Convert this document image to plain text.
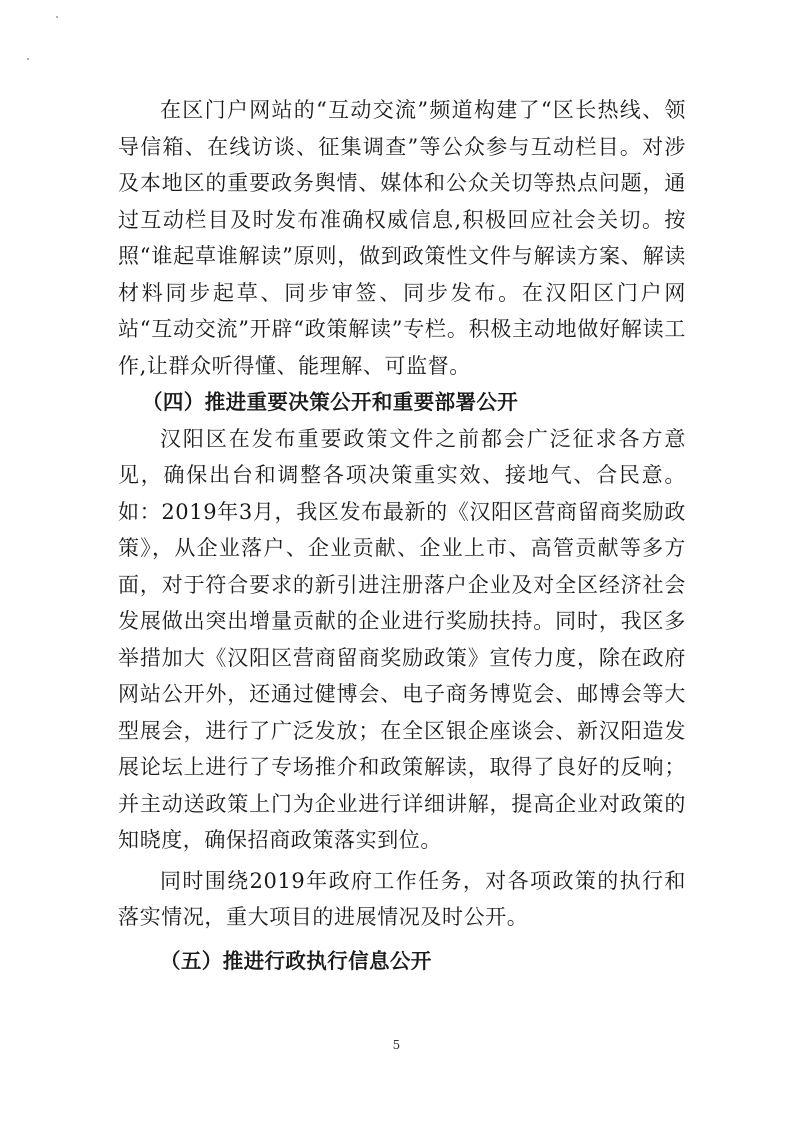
在区门户网站的“互动交流”频道构建了“区长热线、领导信箱、在线访谈、征集调查”等公众参与互动栏目。对涉及本地区的重要政务舆情、媒体和公众关切等热点问题，通过互动栏目及时发布准确权威信息,积极回应社会关切。按照“谁起草谁解读”原则，做到政策性文件与解读方案、解读材料同步起草、同步审签、同步发布。在汉阳区门户网站“互动交流”开辟“政策解读”专栏。积极主动地做好解读工作,让群众听得懂、能理解、可监督。

（四）推进重要决策公开和重要部署公开

汉阳区在发布重要政策文件之前都会广泛征求各方意见，确保出台和调整各项决策重实效、接地气、合民意。如：2019年3月，我区发布最新的《汉阳区营商留商奖励政策》，从企业落户、企业贡献、企业上市、高管贡献等多方面，对于符合要求的新引进注册落户企业及对全区经济社会发展做出突出增量贡献的企业进行奖励扶持。同时，我区多举措加大《汉阳区营商留商奖励政策》宣传力度，除在政府网站公开外，还通过健博会、电子商务博览会、邮博会等大型展会，进行了广泛发放；在全区银企座谈会、新汉阳造发展论坛上进行了专场推介和政策解读，取得了良好的反响；并主动送政策上门为企业进行详细讲解，提高企业对政策的知晓度，确保招商政策落实到位。

同时围绕2019年政府工作任务，对各项政策的执行和落实情况，重大项目的进展情况及时公开。

（五）推进行政执行信息公开

5
